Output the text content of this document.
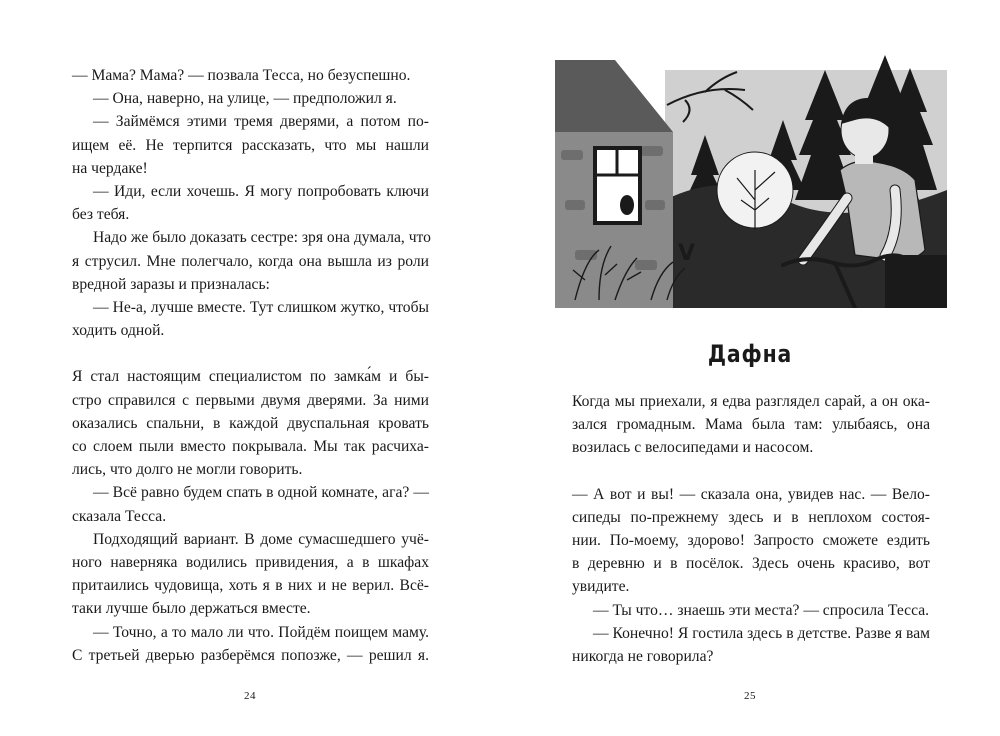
— Мама? Мама? — позвала Тесса, но безуспешно.
— Она, наверно, на улице, — предположил я.
— Займёмся этими тремя дверями, а потом по-
ищем её. Не терпится рассказать, что мы нашли
на чердаке!
— Иди, если хочешь. Я могу попробовать ключи
без тебя.
Надо же было доказать сестре: зря она думала, что
я струсил. Мне полегчало, когда она вышла из роли
вредной заразы и призналась:
— Не-а, лучше вместе. Тут слишком жутко, чтобы
ходить одной.
Я стал настоящим специалистом по замка́м и бы-
стро справился с первыми двумя дверями. За ними
оказались спальни, в каждой двуспальная кровать
со слоем пыли вместо покрывала. Мы так расчиха-
лись, что долго не могли говорить.
— Всё равно будем спать в одной комнате, ага? —
сказала Тесса.
Подходящий вариант. В доме сумасшедшего учё-
ного наверняка водились привидения, а в шкафах
притаились чудовища, хоть я в них и не верил. Всё-
таки лучше было держаться вместе.
— Точно, а то мало ли что. Пойдём поищем маму.
С третьей дверью разберёмся попозже, — решил я.
24
V
Дафна
Когда мы приехали, я едва разглядел сарай, а он ока-
зался громадным. Мама была там: улыбаясь, она
возилась с велосипедами и насосом.
— А вот и вы! — сказала она, увидев нас. — Вело-
сипеды по-прежнему здесь и в неплохом состоя-
нии. По-моему, здорово! Запросто сможете ездить
в деревню и в посёлок. Здесь очень красиво, вот
увидите.
— Ты что… знаешь эти места? — спросила Тесса.
— Конечно! Я гостила здесь в детстве. Разве я вам
никогда не говорила?
25
